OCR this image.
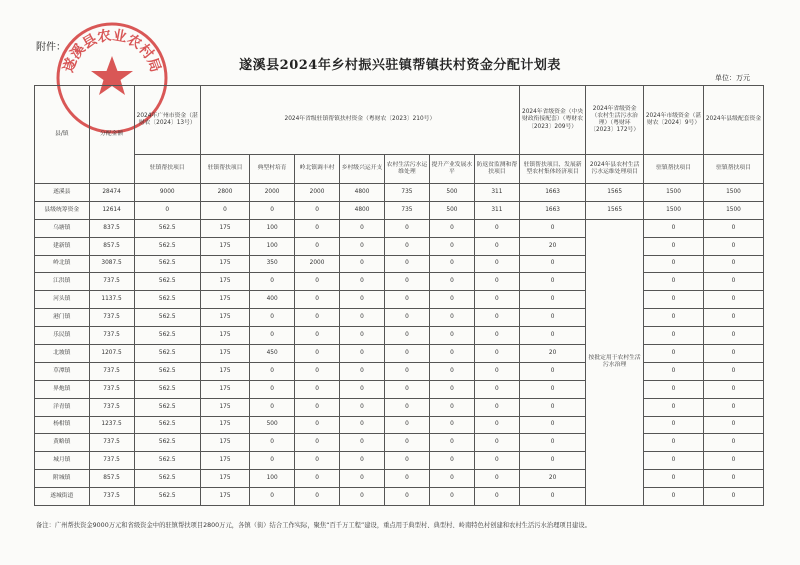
附件：
遂溪县农业农村局	遂溪县2024年乡村振兴驻镇帮镇扶村资金分配计划表
单位：万元
县/镇	分配金额	2024年广州市资金（湛财农〔2024〕13号）	2024年省级驻镇帮镇扶村资金（粤财农〔2023〕210号）							2024年省级资金（中央财政衔接配套）（粤财农〔2023〕209号）	2024年省级资金（农村生活污水治理）（粤财环〔2023〕172号）	2024年市级资金（湛财农〔2024〕9号）	2024年县级配套资金
		驻镇帮扶项目	驻镇帮扶项目	典型村培育	岭北镇调丰村	乡村级兴运开支	农村生活污水运维处理	提升产业发展水平	防返贫监测和帮扶项目	驻镇帮扶项目、发展新型农村集体经济项目	2024年县农村生活污水运维处理项目	驻镇帮扶项目	驻镇帮扶项目
遂溪县	28474	9000	2800	2000	2000	4800	735	500	311	1663	1565	1500	1500
县级统筹资金	12614	0	0	0	0	4800	735	500	311	1663	1565	1500	1500
乌塘镇	837.5	562.5	175	100	0	0	0	0	0	0	按批定用于农村生活污水治理	0	0
建新镇	857.5	562.5	175	100	0	0	0	0	0	20		0	0
岭北镇	3087.5	562.5	175	350	2000	0	0	0	0	0		0	0
江洪镇	737.5	562.5	175	0	0	0	0	0	0	0		0	0
河头镇	1137.5	562.5	175	400	0	0	0	0	0	0		0	0
港门镇	737.5	562.5	175	0	0	0	0	0	0	0		0	0
乐民镇	737.5	562.5	175	0	0	0	0	0	0	0		0	0
北坡镇	1207.5	562.5	175	450	0	0	0	0	0	20		0	0
草潭镇	737.5	562.5	175	0	0	0	0	0	0	0		0	0
界炮镇	737.5	562.5	175	0	0	0	0	0	0	0		0	0
洋青镇	737.5	562.5	175	0	0	0	0	0	0	0		0	0
杨柑镇	1237.5	562.5	175	500	0	0	0	0	0	0		0	0
黄略镇	737.5	562.5	175	0	0	0	0	0	0	0		0	0
城月镇	737.5	562.5	175	0	0	0	0	0	0	0		0	0
附城镇	857.5	562.5	175	100	0	0	0	0	0	20		0	0
遂城街道	737.5	562.5	175	0	0	0	0	0	0	0		0	0
备注：广州帮扶资金9000万元和省级资金中的驻镇帮扶项目2800万元，各镇（街）结合工作实际，聚焦“百千万工程”建设，重点用于典型村、典型村、岭南特色村创建和农村生活污水治理项目建设。
